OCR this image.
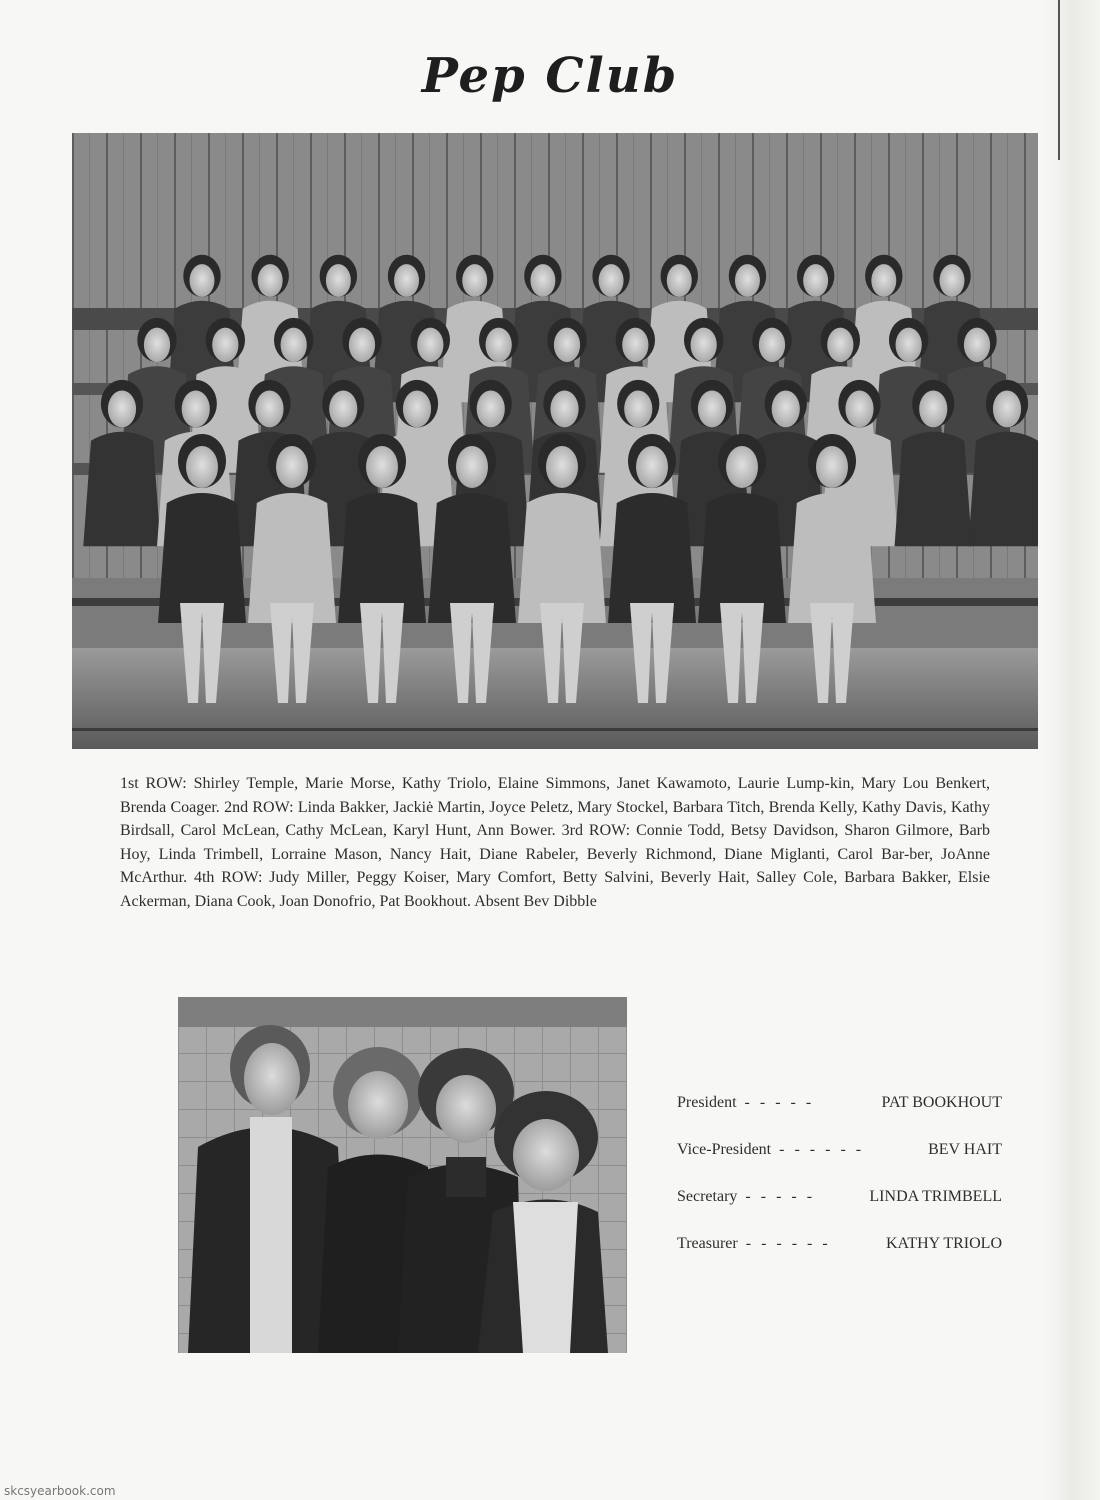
Pep Club
1st ROW: Shirley Temple, Marie Morse, Kathy Triolo, Elaine Simmons, Janet Kawamoto, Laurie Lump-kin, Mary Lou Benkert, Brenda Coager. 2nd ROW: Linda Bakker, Jackiė Martin, Joyce Peletz, Mary Stockel, Barbara Titch, Brenda Kelly, Kathy Davis, Kathy Birdsall, Carol McLean, Cathy McLean, Karyl Hunt, Ann Bower. 3rd ROW: Connie Todd, Betsy Davidson, Sharon Gilmore, Barb Hoy, Linda Trimbell, Lorraine Mason, Nancy Hait, Diane Rabeler, Beverly Richmond, Diane Miglanti, Carol Bar-ber, JoAnne McArthur. 4th ROW: Judy Miller, Peggy Koiser, Mary Comfort, Betty Salvini, Beverly Hait, Salley Cole, Barbara Bakker, Elsie Ackerman, Diana Cook, Joan Donofrio, Pat Bookhout. Absent Bev Dibble
President - - - - -	PAT BOOKHOUT
Vice-President - - - - - -	BEV HAIT
Secretary - - - - -	LINDA TRIMBELL
Treasurer - - - - - -	KATHY TRIOLO
skcsyearbook.com
